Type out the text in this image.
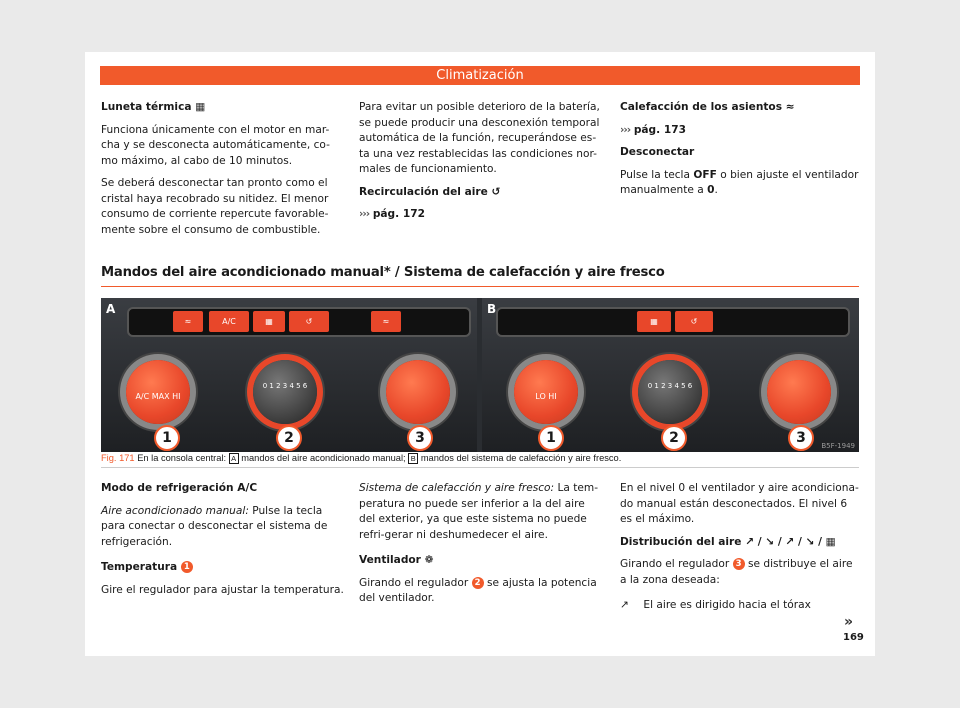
Climatización

Luneta térmica ▦

Funciona únicamente con el motor en mar-cha y se desconecta automáticamente, co-mo máximo, al cabo de 10 minutos.

Se deberá desconectar tan pronto como el cristal haya recobrado su nitidez. El menor consumo de corriente repercute favorable-mente sobre el consumo de combustible.

Para evitar un posible deterioro de la batería, se puede producir una desconexión temporal automática de la función, recuperándose es-ta una vez restablecidas las condiciones nor-males de funcionamiento.

Recirculación del aire ↺

››› pág. 172

Calefacción de los asientos ≈

››› pág. 173

Desconectar

Pulse la tecla OFF o bien ajuste el ventilador manualmente a 0.

Mandos del aire acondicionado manual* / Sistema de calefacción y aire fresco
A
≈	A/C	▦	↺	≈
A/C MAX HI
0 1 2 3 4 5 6
1	2	3
B
▦	↺
LO HI
0 1 2 3 4 5 6
1	2	3	B5F-1949
Fig. 171 En la consola central: A mandos del aire acondicionado manual; B mandos del sistema de calefacción y aire fresco.

Modo de refrigeración A/C

Aire acondicionado manual: Pulse la tecla para conectar o desconectar el sistema de refrigeración.

Temperatura 1

Gire el regulador para ajustar la temperatura.

Sistema de calefacción y aire fresco: La tem-peratura no puede ser inferior a la del aire del exterior, ya que este sistema no puede refri-gerar ni deshumedecer el aire.

Ventilador ❁

Girando el regulador 2 se ajusta la potencia del ventilador.

En el nivel 0 el ventilador y aire acondiciona-do manual están desconectados. El nivel 6 es el máximo.

Distribución del aire ↗ / ↘ / ↗ / ↘ / ▦

Girando el regulador 3 se distribuye el aire a la zona deseada:

↗ El aire es dirigido hacia el tórax

»
169
